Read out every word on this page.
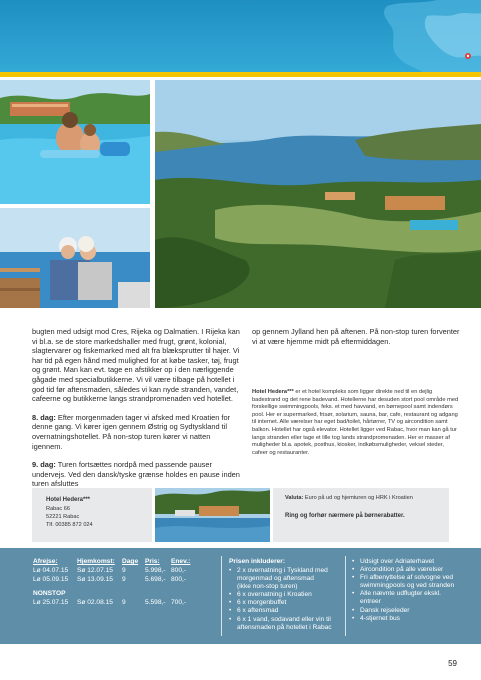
bugten med udsigt mod Cres, Rijeka og Dalmatien. I Rijeka kan vi bl.a. se de store markedshaller med frugt, grønt, kolonial, slagtervarer og fiskemarked med alt fra blæksprutter til hajer. Vi har tid på egen hånd med mulighed for at købe tasker, tøj, frugt og grønt. Man kan evt. tage en afstikker op i den nærliggende gågade med specialbutikkerne. Vi vil være tilbage på hotellet i god tid før aftensmaden, således vi kan nyde stranden, vandet, cafeerne og butikkerne langs strandpromenaden ved hotellet.

8. dag: Efter morgenmaden tager vi afsked med Kroatien for denne gang. Vi kører igen gennem Østrig og Sydtyskland til overnatningshotellet. På non-stop turen kører vi natten igennem.

9. dag: Turen fortsættes nordpå med passende pauser undervejs. Ved den dansk/tyske grænse holdes en pause inden turen afsluttes

op gennem Jylland hen på aftenen. På non-stop turen forventer vi at være hjemme midt på eftermiddagen.

Hotel Hedera*** er et hotel kompleks som ligger direkte ned til en dejlig badestrand og det rene badevand. Hotellerne har desuden stort pool område med forskellige swimmingpools, feks. et med havvand, en børnepool samt indendørs pool. Her er supermarked, frisør, solarium, sauna, bar, cafe, restaurant og adgang til internet. Alle værelser har eget bad/toilet, hårtørrer, TV og aircondition samt balkon. Hotellet har også elevator. Hotellet ligger ved Rabac, hvor man kan gå tur langs stranden eller tage et lille tog lands strandpromenaden. Her er masser af muligheder bl.a. apotek, posthus, kiosker, indkøbsmuligheder, veksel steder, cafeer og restauranter.
Hotel Hedera***
Rabac 66
52221 Rabac
Tlf. 00385 872 024
Valuta: Euro på ud og hjemturen og HRK i Kroatien
Ring og forhør nærmere på børnerabatter.
Afrejse:	Hjemkomst: Dage Pris: Enev.:
Lø 04.07.15 Sø 12.07.15 9	5.998,- 800,-
Lø 05.09.15 Sø 13.09.15 9	5.698,- 800,-
NONSTOP
Lø 25.07.15 Sø 02.08.15 9	5.598,- 700,-
Prisen inkluderer:
• 2 x overnatning i Tyskland med
morgenmad og aftensmad
(ikke non-stop turen)
• 6 x overnatning i Kroatien
• 6 x morgenbuffet
• 6 x aftensmad
• 6 x 1 vand, sodavand eller vin til
aftensmaden på hotellet i Rabac
• Udsigt over Adriaterhavet
• Aircondition på alle værelser
• Fri afbenyttelse af solvogne ved
swimmingpools og ved stranden
• Alle nævnte udflugter ekskl.
entreer
• Dansk rejseleder
• 4-stjernet bus
59
